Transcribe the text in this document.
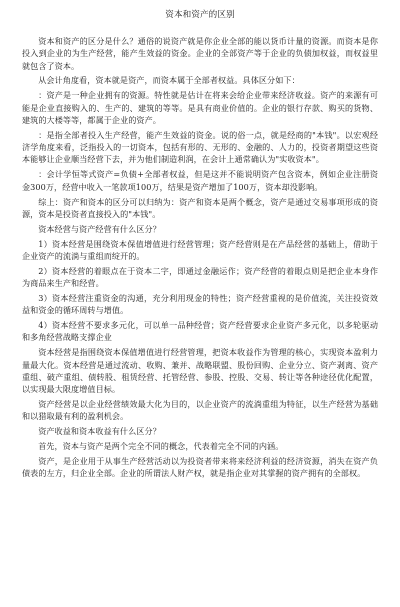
资本和资产的区别

资本和资产的区分是什么？通俗的说资产就是你企业全部的能以货币计量的资源。而资本是你投入到企业的为生产经营，能产生效益的资金。企业的全部资产等于企业的负债加权益，而权益里就包含了资本。

从会计角度看，资本就是资产，而资本属于全部者权益。具体区分如下：

：资产是一种企业拥有的资源。特性就是估计在将来会给企业带来经济收益。资产的来源有可能是企业直接购入的、生产的、建筑的等等。是具有商业价值的。企业的银行存款、购买的货物、建筑的大楼等等，都属于企业的资产。

：是指全部者投入生产经营，能产生效益的资金。说的俗一点，就是经商的"本钱"。以宏观经济学角度来看，泛指投入的一切资本，包括有形的、无形的、金融的、人力的，投资者期望这些资本能够让企业顺当经营下去，并为他们制造利润，在会计上通常确认为"实收资本"。

：会计学恒等式资产=负债+全部者权益，但是这并不能说明资产包含资本，例如企业注册资金300万，经营中收入一笔款项100万，结果是资产增加了100万，资本却没影响。

综上：资产和资本的区分可以归纳为：资产和资本是两个概念，资产是通过交易事项形成的资源，资本是投资者直接投入的"本钱"。

资本经营与资产经营有什么区分？

1）资本经营是围绕资本保值增值进行经营管理；资产经营则是在产品经营的基础上，借助于企业资产的流淌与重组而绽开的。

2）资本经营的着眼点在于资本二字，即通过金融运作；资产经营的着眼点则是把企业本身作为商品来生产和经营。

3）资本经营注重资金的沟通，充分利用现金的特性；资产经营重视的是价值流，关注投资效益和资金的循环周转与增值。

4）资本经营不要求多元化，可以单一品种经营；资产经营要求企业资产多元化，以多轮驱动和多角经营战略支撑企业

资本经营是指围绕资本保值增值进行经营管理，把资本收益作为管理的核心，实现资本盈利力量最大化。资本经营是通过流动、收购、兼并、战略联盟、股份回购、企业分立、资产剥离、资产重组、破产重组、债转股、租赁经营、托管经营、参股、控股、交易、转让等各种途径优化配置，以实现最大限度增值目标。

资产经营是以企业经营绩效最大化为目的，以企业资产的流淌重组为特征，以生产经营为基础和以猎取最有利的盈利机会。

资产收益和资本收益有什么区分？

首先，资本与资产是两个完全不同的概念，代表着完全不同的内涵。

资产，是企业用于从事生产经营活动以为投资者带来将来经济利益的经济资源，消失在资产负债表的左方，归企业全部。企业的所谓法人财产权，就是指企业对其掌握的资产拥有的全部权。
